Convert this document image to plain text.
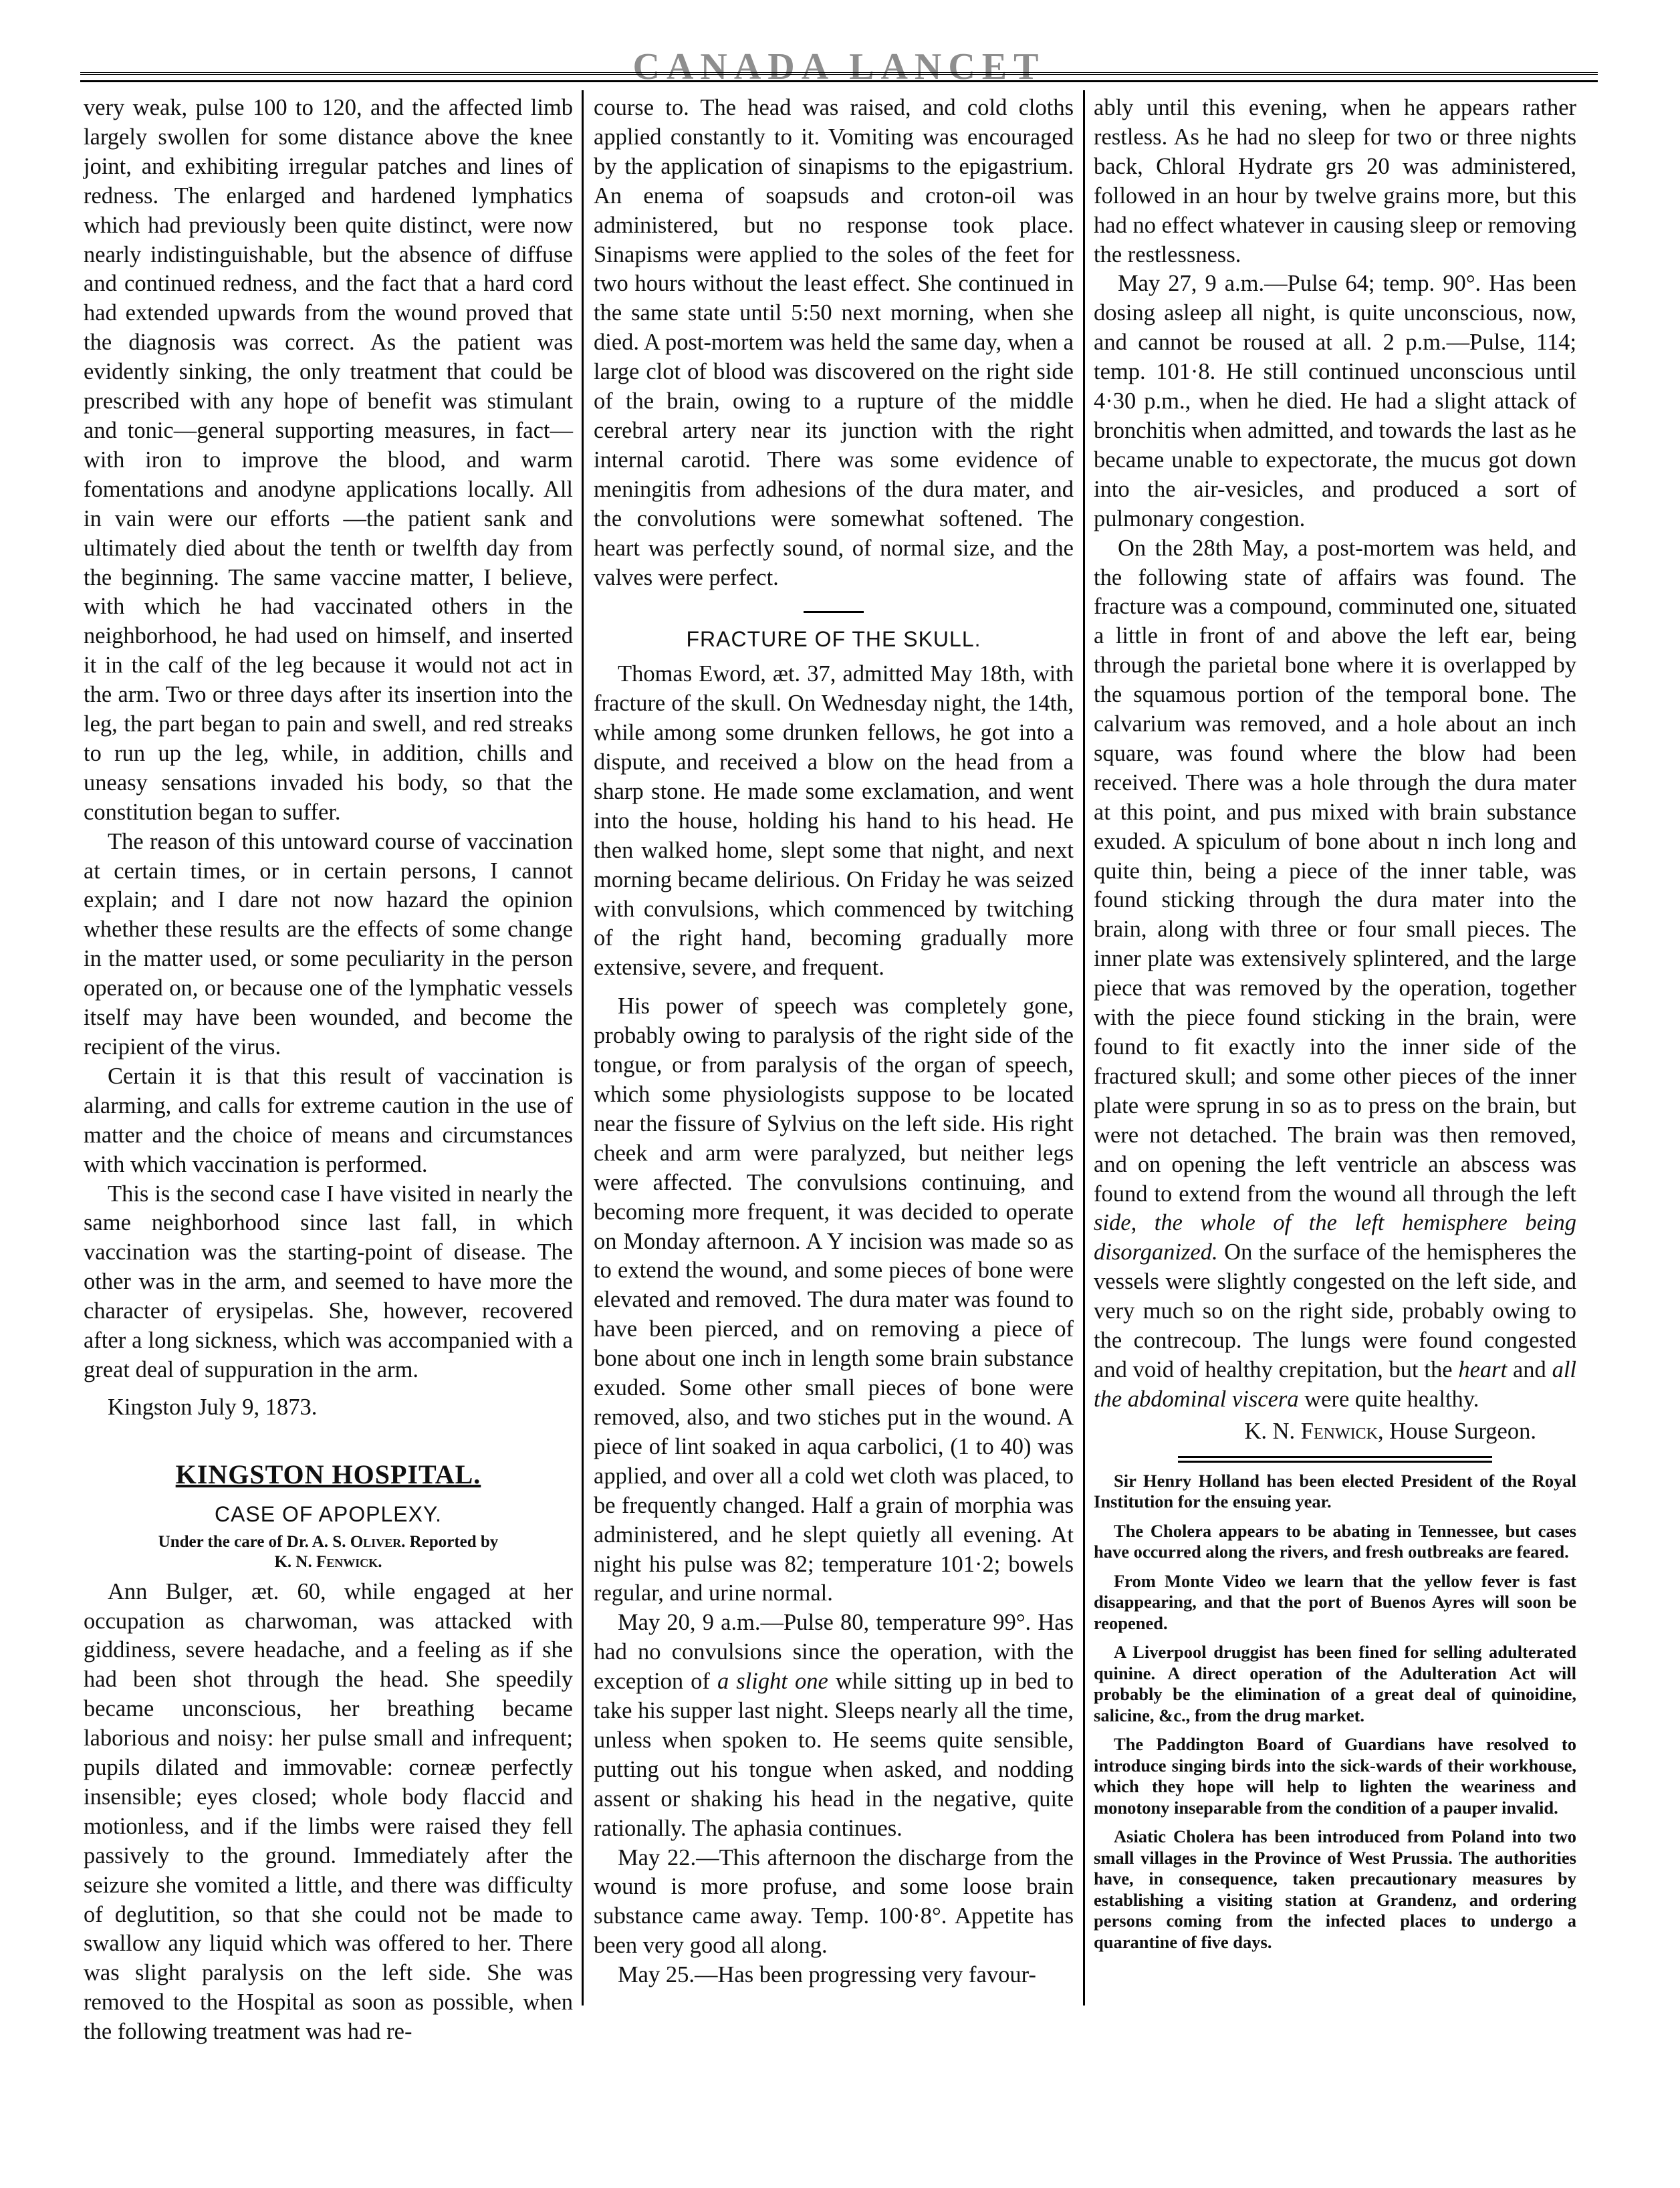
CANADA LANCET

very weak, pulse 100 to 120, and the affected limb largely swollen for some distance above the knee joint, and exhibiting irregular patches and lines of redness. The enlarged and hardened lymphatics which had previously been quite distinct, were now nearly indistinguishable, but the absence of diffuse and continued redness, and the fact that a hard cord had extended upwards from the wound proved that the diagnosis was correct. As the patient was evidently sinking, the only treatment that could be prescribed with any hope of benefit was stimulant and tonic—general supporting measures, in fact—with iron to improve the blood, and warm fomentations and anodyne applications locally. All in vain were our efforts —the patient sank and ultimately died about the tenth or twelfth day from the beginning. The same vaccine matter, I believe, with which he had vaccinated others in the neighborhood, he had used on himself, and inserted it in the calf of the leg because it would not act in the arm. Two or three days after its insertion into the leg, the part began to pain and swell, and red streaks to run up the leg, while, in addition, chills and uneasy sensations invaded his body, so that the constitution began to suffer.

The reason of this untoward course of vaccination at certain times, or in certain persons, I cannot explain; and I dare not now hazard the opinion whether these results are the effects of some change in the matter used, or some peculiarity in the person operated on, or because one of the lymphatic vessels itself may have been wounded, and become the recipient of the virus.

Certain it is that this result of vaccination is alarming, and calls for extreme caution in the use of matter and the choice of means and circumstances with which vaccination is performed.

This is the second case I have visited in nearly the same neighborhood since last fall, in which vaccination was the starting-point of disease. The other was in the arm, and seemed to have more the character of erysipelas. She, however, recovered after a long sickness, which was accompanied with a great deal of suppuration in the arm.

Kingston July 9, 1873.

KINGSTON HOSPITAL.

CASE OF APOPLEXY.

Under the care of Dr. A. S. Oliver. Reported by
K. N. Fenwick.

Ann Bulger, æt. 60, while engaged at her occupation as charwoman, was attacked with giddiness, severe headache, and a feeling as if she had been shot through the head. She speedily became unconscious, her breathing became laborious and noisy: her pulse small and infrequent; pupils dilated and immovable: corneæ perfectly insensible; eyes closed; whole body flaccid and motionless, and if the limbs were raised they fell passively to the ground. Immediately after the seizure she vomited a little, and there was difficulty of deglutition, so that she could not be made to swallow any liquid which was offered to her. There was slight paralysis on the left side. She was removed to the Hospital as soon as possible, when the following treatment was had re-

course to. The head was raised, and cold cloths applied constantly to it. Vomiting was encouraged by the application of sinapisms to the epigastrium. An enema of soapsuds and croton-oil was administered, but no response took place. Sinapisms were applied to the soles of the feet for two hours without the least effect. She continued in the same state until 5:50 next morning, when she died. A post-mortem was held the same day, when a large clot of blood was discovered on the right side of the brain, owing to a rupture of the middle cerebral artery near its junction with the right internal carotid. There was some evidence of meningitis from adhesions of the dura mater, and the convolutions were somewhat softened. The heart was perfectly sound, of normal size, and the valves were perfect.

FRACTURE OF THE SKULL.

Thomas Eword, æt. 37, admitted May 18th, with fracture of the skull. On Wednesday night, the 14th, while among some drunken fellows, he got into a dispute, and received a blow on the head from a sharp stone. He made some exclamation, and went into the house, holding his hand to his head. He then walked home, slept some that night, and next morning became delirious. On Friday he was seized with convulsions, which commenced by twitching of the right hand, becoming gradually more extensive, severe, and frequent.

His power of speech was completely gone, probably owing to paralysis of the right side of the tongue, or from paralysis of the organ of speech, which some physiologists suppose to be located near the fissure of Sylvius on the left side. His right cheek and arm were paralyzed, but neither legs were affected. The convulsions continuing, and becoming more frequent, it was decided to operate on Monday afternoon. A Y incision was made so as to extend the wound, and some pieces of bone were elevated and removed. The dura mater was found to have been pierced, and on removing a piece of bone about one inch in length some brain substance exuded. Some other small pieces of bone were removed, also, and two stiches put in the wound. A piece of lint soaked in aqua carbolici, (1 to 40) was applied, and over all a cold wet cloth was placed, to be frequently changed. Half a grain of morphia was administered, and he slept quietly all evening. At night his pulse was 82; temperature 101·2; bowels regular, and urine normal.

May 20, 9 a.m.—Pulse 80, temperature 99°. Has had no convulsions since the operation, with the exception of a slight one while sitting up in bed to take his supper last night. Sleeps nearly all the time, unless when spoken to. He seems quite sensible, putting out his tongue when asked, and nodding assent or shaking his head in the negative, quite rationally. The aphasia continues.

May 22.—This afternoon the discharge from the wound is more profuse, and some loose brain substance came away. Temp. 100·8°. Appetite has been very good all along.

May 25.—Has been progressing very favour-

ably until this evening, when he appears rather restless. As he had no sleep for two or three nights back, Chloral Hydrate grs 20 was administered, followed in an hour by twelve grains more, but this had no effect whatever in causing sleep or removing the restlessness.

May 27, 9 a.m.—Pulse 64; temp. 90°. Has been dosing asleep all night, is quite unconscious, now, and cannot be roused at all. 2 p.m.—Pulse, 114; temp. 101·8. He still continued unconscious until 4·30 p.m., when he died. He had a slight attack of bronchitis when admitted, and towards the last as he became unable to expectorate, the mucus got down into the air-vesicles, and produced a sort of pulmonary congestion.

On the 28th May, a post-mortem was held, and the following state of affairs was found. The fracture was a compound, comminuted one, situated a little in front of and above the left ear, being through the parietal bone where it is overlapped by the squamous portion of the temporal bone. The calvarium was removed, and a hole about an inch square, was found where the blow had been received. There was a hole through the dura mater at this point, and pus mixed with brain substance exuded. A spiculum of bone about n inch long and quite thin, being a piece of the inner table, was found sticking through the dura mater into the brain, along with three or four small pieces. The inner plate was extensively splintered, and the large piece that was removed by the operation, together with the piece found sticking in the brain, were found to fit exactly into the inner side of the fractured skull; and some other pieces of the inner plate were sprung in so as to press on the brain, but were not detached. The brain was then removed, and on opening the left ventricle an abscess was found to extend from the wound all through the left side, the whole of the left hemisphere being disorganized. On the surface of the hemispheres the vessels were slightly congested on the left side, and very much so on the right side, probably owing to the contrecoup. The lungs were found congested and void of healthy crepitation, but the heart and all the abdominal viscera were quite healthy.

K. N. Fenwick, House Surgeon.

Sir Henry Holland has been elected President of the Royal Institution for the ensuing year.

The Cholera appears to be abating in Tennessee, but cases have occurred along the rivers, and fresh outbreaks are feared.

From Monte Video we learn that the yellow fever is fast disappearing, and that the port of Buenos Ayres will soon be reopened.

A Liverpool druggist has been fined for selling adulterated quinine. A direct operation of the Adulteration Act will probably be the elimination of a great deal of quinoidine, salicine, &c., from the drug market.

The Paddington Board of Guardians have resolved to introduce singing birds into the sick-wards of their workhouse, which they hope will help to lighten the weariness and monotony inseparable from the condition of a pauper invalid.

Asiatic Cholera has been introduced from Poland into two small villages in the Province of West Prussia. The authorities have, in consequence, taken precautionary measures by establishing a visiting station at Grandenz, and ordering persons coming from the infected places to undergo a quarantine of five days.
